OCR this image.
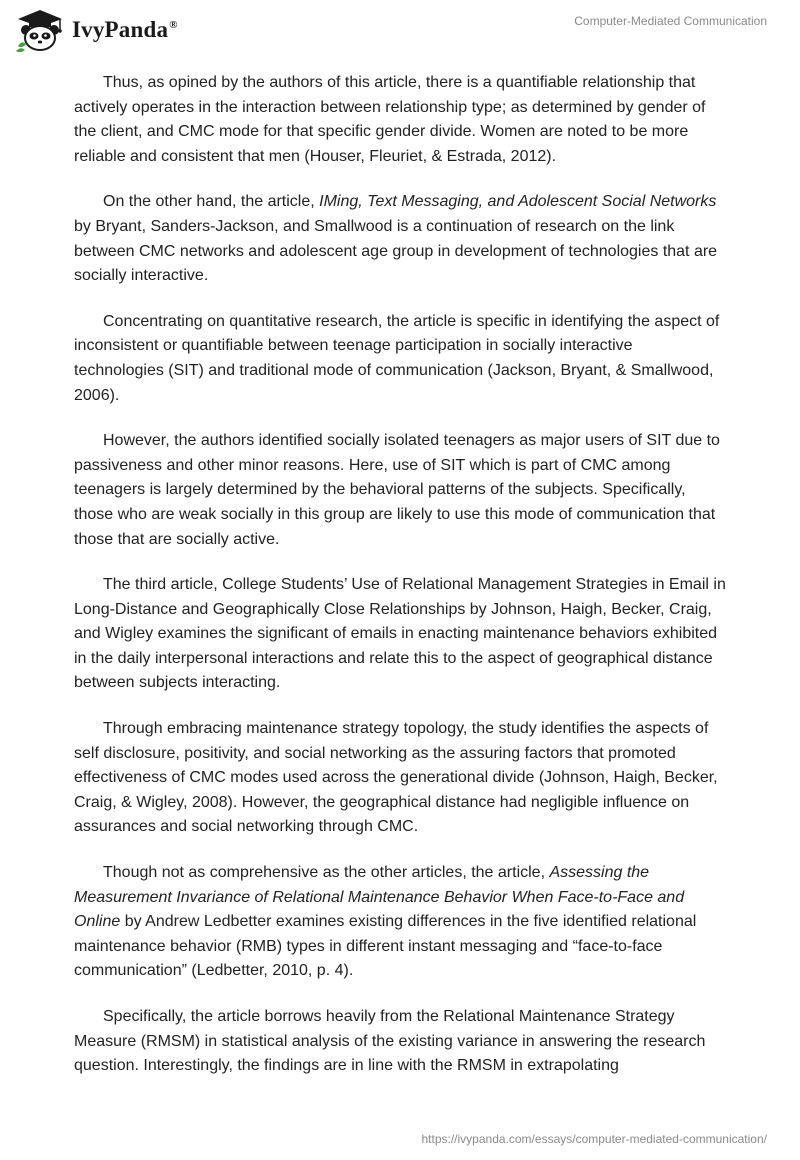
IvyPanda®	Computer-Mediated Communication

Thus, as opined by the authors of this article, there is a quantifiable relationship that actively operates in the interaction between relationship type; as determined by gender of the client, and CMC mode for that specific gender divide. Women are noted to be more reliable and consistent that men (Houser, Fleuriet, & Estrada, 2012).

On the other hand, the article, IMing, Text Messaging, and Adolescent Social Networks by Bryant, Sanders-Jackson, and Smallwood is a continuation of research on the link between CMC networks and adolescent age group in development of technologies that are socially interactive.

Concentrating on quantitative research, the article is specific in identifying the aspect of inconsistent or quantifiable between teenage participation in socially interactive technologies (SIT) and traditional mode of communication (Jackson, Bryant, & Smallwood, 2006).

However, the authors identified socially isolated teenagers as major users of SIT due to passiveness and other minor reasons. Here, use of SIT which is part of CMC among teenagers is largely determined by the behavioral patterns of the subjects. Specifically, those who are weak socially in this group are likely to use this mode of communication that those that are socially active.

The third article, College Students’ Use of Relational Management Strategies in Email in Long-Distance and Geographically Close Relationships by Johnson, Haigh, Becker, Craig, and Wigley examines the significant of emails in enacting maintenance behaviors exhibited in the daily interpersonal interactions and relate this to the aspect of geographical distance between subjects interacting.

Through embracing maintenance strategy topology, the study identifies the aspects of self disclosure, positivity, and social networking as the assuring factors that promoted effectiveness of CMC modes used across the generational divide (Johnson, Haigh, Becker, Craig, & Wigley, 2008). However, the geographical distance had negligible influence on assurances and social networking through CMC.

Though not as comprehensive as the other articles, the article, Assessing the Measurement Invariance of Relational Maintenance Behavior When Face-to-Face and Online by Andrew Ledbetter examines existing differences in the five identified relational maintenance behavior (RMB) types in different instant messaging and “face-to-face communication” (Ledbetter, 2010, p. 4).

Specifically, the article borrows heavily from the Relational Maintenance Strategy Measure (RMSM) in statistical analysis of the existing variance in answering the research question. Interestingly, the findings are in line with the RMSM in extrapolating

https://ivypanda.com/essays/computer-mediated-communication/
